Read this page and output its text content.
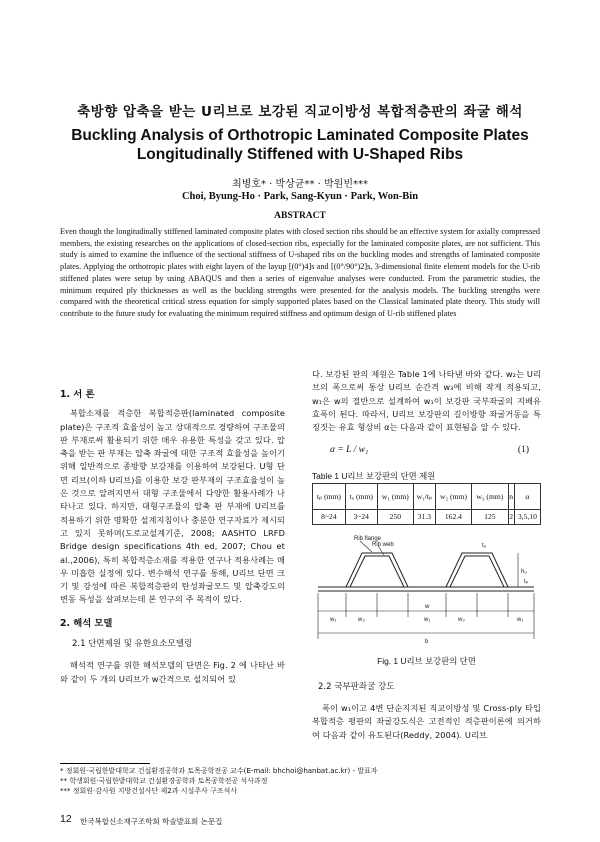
축방향 압축을 받는 U리브로 보강된 직교이방성 복합적층판의 좌굴 해석
Buckling Analysis of Orthotropic Laminated Composite Plates
Longitudinally Stiffened with U-Shaped Ribs
최병호* · 박상균** · 박원빈***
Choi, Byung-Ho · Park, Sang-Kyun · Park, Won-Bin
ABSTRACT
Even though the longitudinally stiffened laminated composite plates with closed section ribs should be an effective system for axially compressed members, the existing researches on the applications of closed-section ribs, especially for the laminated composite plates, are not sufficient. This study is aimed to examine the influence of the sectional stiffness of U-shaped ribs on the buckling modes and strengths of laminated composite plates. Applying the orthotropic plates with eight layers of the layup [(0°)4]s and [(0°/90°)2]s, 3-dimensional finite element models for the U-rib stiffened plates were setup by using ABAQUS and then a series of eigenvalue analyses were conducted. From the parametric studies, the minimum required ply thicknesses as well as the buckling strengths were presented for the analysis models. The buckling strengths were compared with the theoretical critical stress equation for simply supported plates based on the Classical laminated plate theory. This study will contribute to the future study for evaluating the minimum required stiffness and optimum design of U-rib stiffened plates
1. 서 론
복합소재를 적층한 복합적층판(laminated composite plate)은 구조적 효율성이 높고 상대적으로 경량하여 구조물의 판 부재로써 활용되기 위한 매우 유용한 특성을 갖고 있다. 압축을 받는 판 부재는 압축 좌굴에 대한 구조적 효율성을 높이기 위해 일반적으로 종방향 보강재를 이용하여 보강된다. U형 단면 리브(이하 U리브)를 이용한 보강 판부재의 구조효율성이 높은 것으로 알려지면서 대형 구조물에서 다양한 활용사례가 나타나고 있다. 하지만, 대형구조물의 압축 판 부재에 U리브를 적용하기 위한 명확한 설계지침이나 충분한 연구자료가 제시되고 있지 못하며(도로교설계기준, 2008; AASHTO LRFD Bridge design specifications 4th ed, 2007; Chou et al.,2006), 특히 복합적층소재를 적용한 연구나 적용사례는 매우 미흡한 실정에 있다. 변수해석 연구를 통해, U리브 단면 크기 및 강성에 따른 복합적층판의 탄성좌굴모드 및 압축강도의 변동 특성을 살펴보는데 본 연구의 주 목적이 있다.
2. 해석 모델
2.1 단면제원 및 유한요소모델링
해석적 연구를 위한 해석모델의 단면은 Fig. 2 에 나타난 바와 같이 두 개의 U리브가 w간격으로 설치되어 있
다. 보강된 판의 제원은 Table 1에 나타낸 바와 같다. w₂는 U리브의 폭으로써 통상 U리브 순간격 w₃에 비해 작게 적용되고, w₁은 w의 절반으로 설계하여 w₁이 보강판 국부좌굴의 지배유효폭이 된다. 따라서, U리브 보강판의 길이방향 좌굴거동을 특징짓는 유효 형상비 α는 다음과 같이 표현됨을 알 수 있다.
α = L / w₁	(1)
Table 1 U리브 보강판의 단면 제원
tₚ (mm)	tᵤ (mm)	w₁ (mm)	w₁/tₚ	w₂ (mm)	w₃ (mm)	n	α
8~24	3~24	250	31.3	162.4	125	2	3,5,10
Rib flange
Rib web	tᵤ
tₚ
hᵤ
w
b
w₁	w₃	w₁	w₃	w₁
Fig. 1 U리브 보강판의 단면
2.2 국부판좌굴 강도
폭이 w₁이고 4변 단순지지된 직교이방성 및 Cross-ply 타입 복합적층 평판의 좌굴강도식은 고전적인 적층판이론에 의거하여 다음과 같이 유도된다(Reddy, 2004). U리브
* 정회원·국립한밭대학교 건설환경공학과 토목공학전공 교수(E-mail: bhchoi@hanbat.ac.kr) - 발표자
** 학생회원·국립한밭대학교 건설환경공학과 토목공학전공 석사과정
*** 정회원·감사원 지방건설사단 제2과 시설주사 구조석사
12 한국복합신소재구조학회 학술발표회 논문집
